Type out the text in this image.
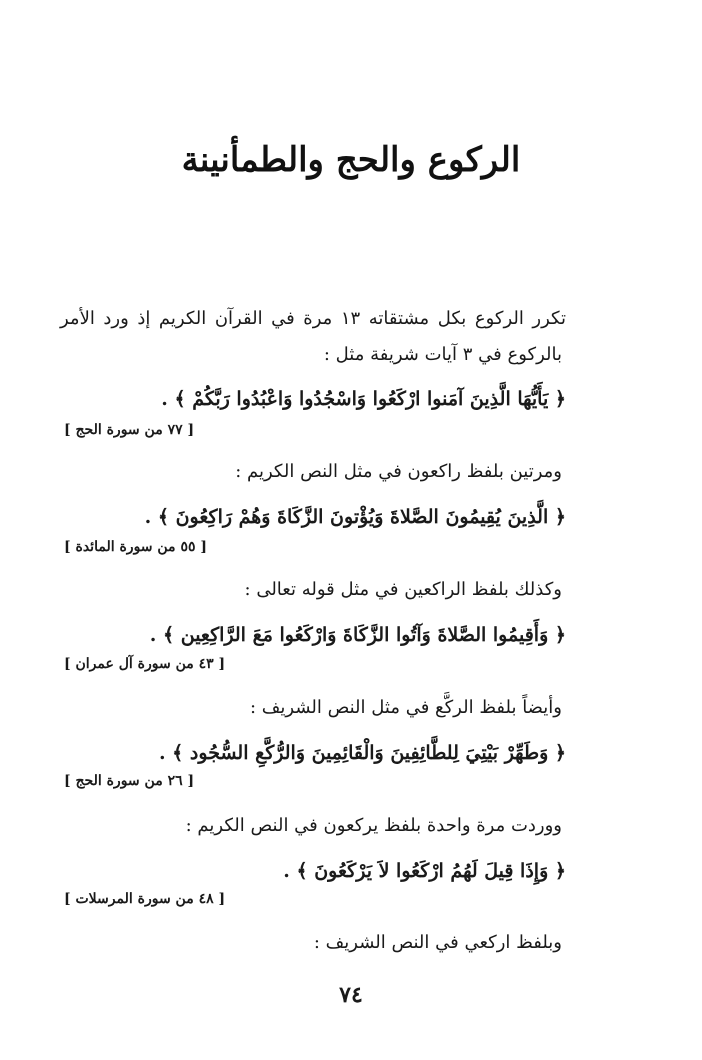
الركوع والحج والطمأنينة
تكرر الركوع بكل مشتقاته ١٣ مرة في القرآن الكريم إذ ورد الأمر
بالركوع في ٣ آيات شريفة مثل :
﴿ يَأَيُّهَا الَّذِينَ آمَنوا ارْكَعُوا وَاسْجُدُوا وَاعْبُدُوا رَبَّكُمْ ﴾ .
[ ٧٧ من سورة الحج ]
ومرتين بلفظ راكعون في مثل النص الكريم :
﴿ الَّذِينَ يُقِيمُونَ الصَّلاةَ وَيُؤْتونَ الزَّكَاةَ وَهُمْ رَاكِعُونَ ﴾ .
[ ٥٥ من سورة المائدة ]
وكذلك بلفظ الراكعين في مثل قوله تعالى :
﴿ وَأَقِيمُوا الصَّلاةَ وَآتُوا الزَّكَاةَ وَارْكَعُوا مَعَ الرَّاكِعِين ﴾ .
[ ٤٣ من سورة آل عمران ]
وأيضاً بلفظ الركَّع في مثل النص الشريف :
﴿ وَطَهِّرْ بَيْتِيَ لِلطَّائِفِينَ وَالْقَائِمِينَ وَالرُّكَّعِ السُّجُود ﴾ .
[ ٢٦ من سورة الحج ]
ووردت مرة واحدة بلفظ يركعون في النص الكريم :
﴿ وَإِذَا قِيلَ لَهُمُ ارْكَعُوا لاَ يَرْكَعُونَ ﴾ .
[ ٤٨ من سورة المرسلات ]
وبلفظ اركعي في النص الشريف :
٧٤
